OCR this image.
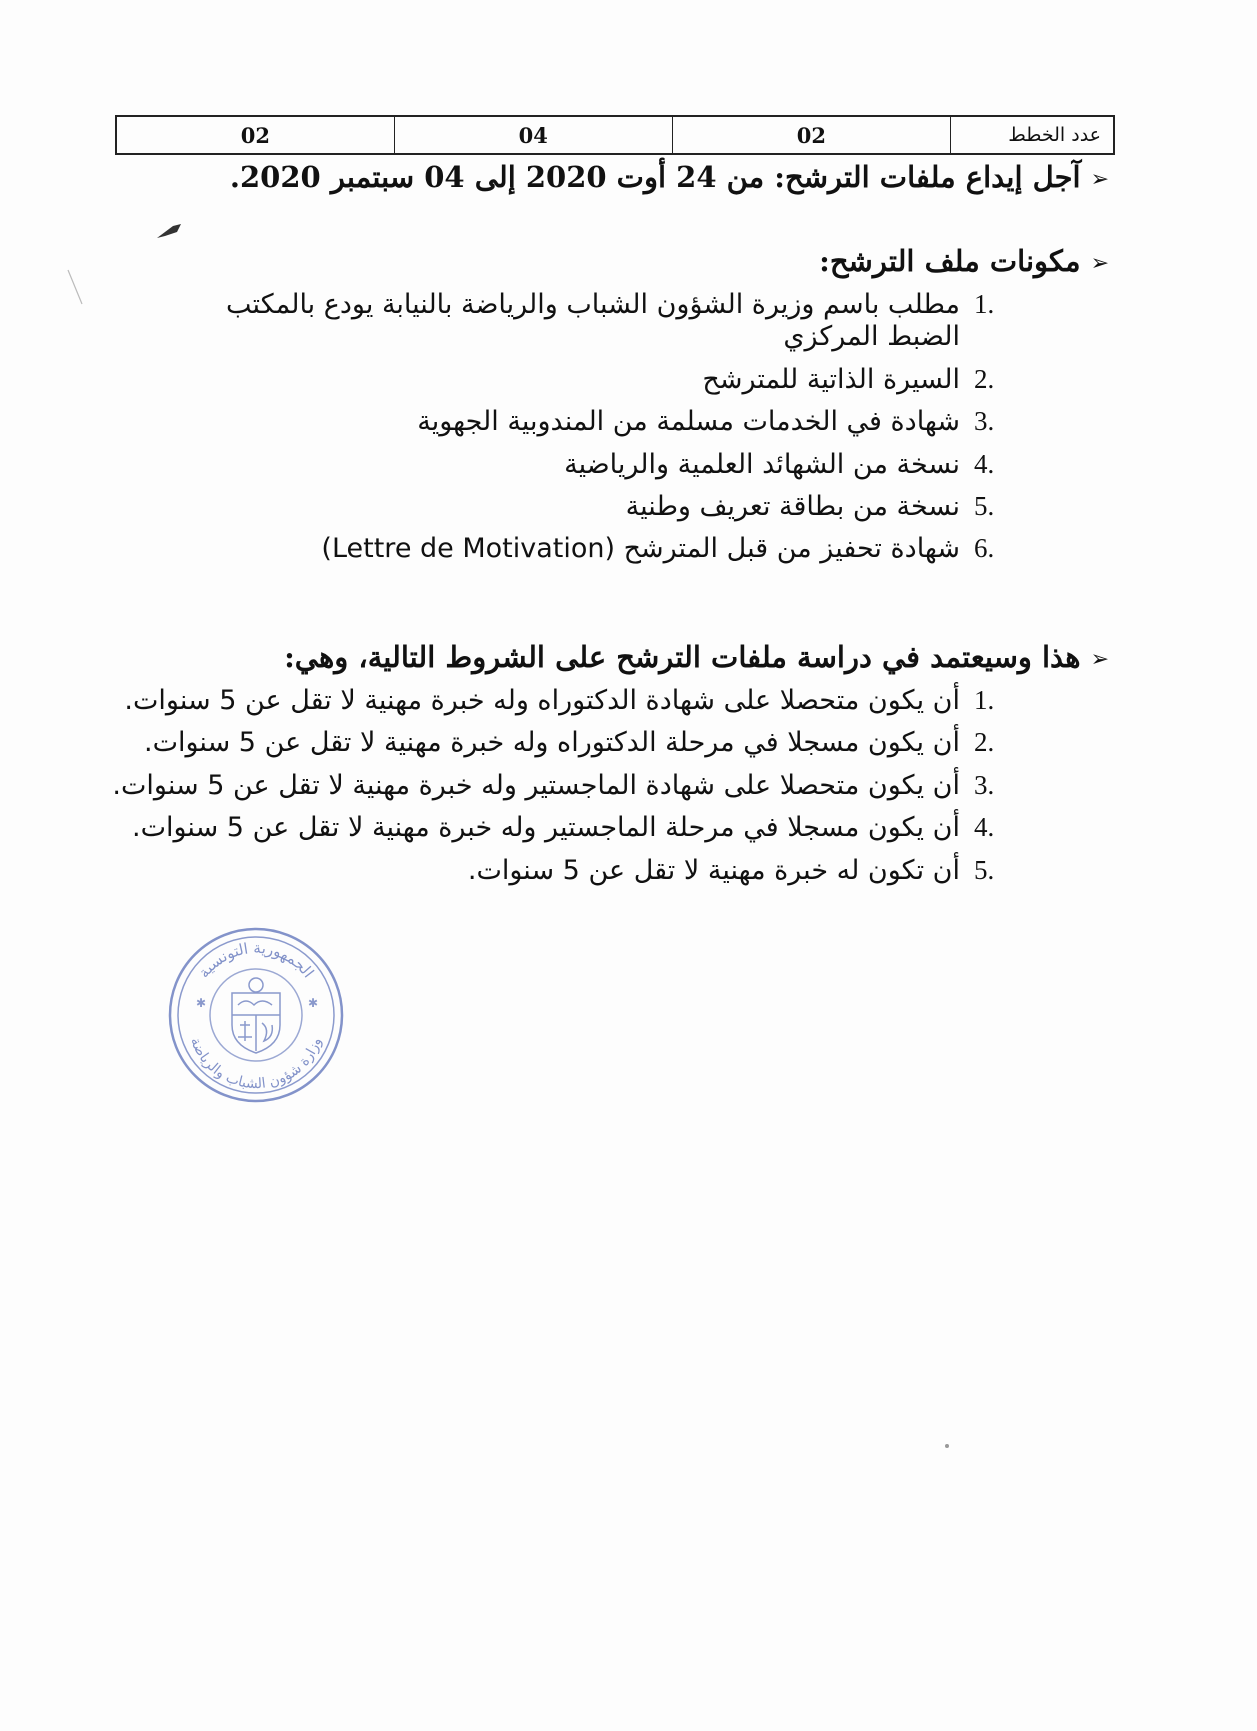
عدد الخطط	02	04	02
➢
آجل إيداع ملفات الترشح: من 24 أوت 2020 إلى 04 سبتمبر 2020.
➢
مكونات ملف الترشح:
1.
مطلب باسم وزيرة الشؤون الشباب والرياضة بالنيابة يودع بالمكتب الضبط المركزي
2.
السيرة الذاتية للمترشح
3.
شهادة في الخدمات مسلمة من المندوبية الجهوية
4.
نسخة من الشهائد العلمية والرياضية
5.
نسخة من بطاقة تعريف وطنية
6.
شهادة تحفيز من قبل المترشح (Lettre de Motivation)
➢
هذا وسيعتمد في دراسة ملفات الترشح على الشروط التالية، وهي:
1.
أن يكون متحصلا على شهادة الدكتوراه وله خبرة مهنية لا تقل عن 5 سنوات.
2.
أن يكون مسجلا في مرحلة الدكتوراه وله خبرة مهنية لا تقل عن 5 سنوات.
3.
أن يكون متحصلا على شهادة الماجستير وله خبرة مهنية لا تقل عن 5 سنوات.
4.
أن يكون مسجلا في مرحلة الماجستير وله خبرة مهنية لا تقل عن 5 سنوات.
5.
أن تكون له خبرة مهنية لا تقل عن 5 سنوات.
الجمهورية التونسية
وزارة شؤون الشباب والرياضة
✱	✱
